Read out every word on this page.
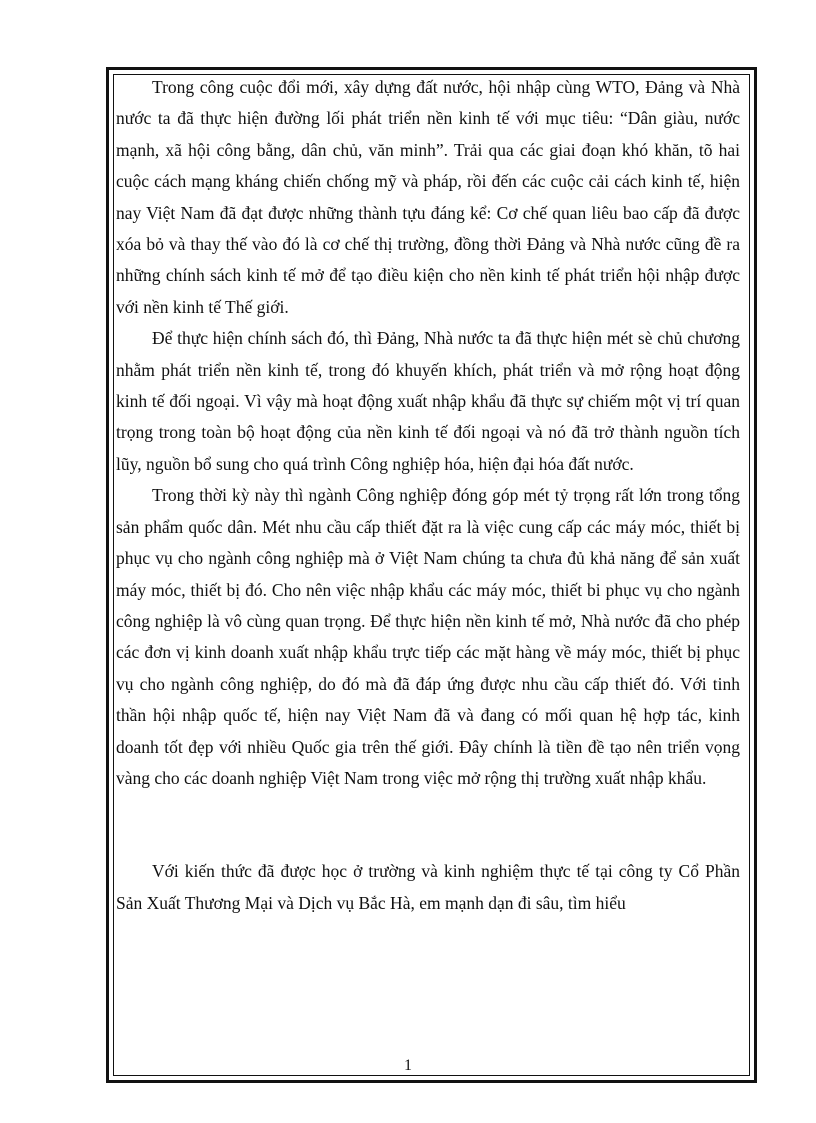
Trong công cuộc đổi mới, xây dựng đất nước, hội nhập cùng WTO, Đảng và Nhà nước ta đã thực hiện đường lối phát triển nền kinh tế với mục tiêu: “Dân giàu, nước mạnh, xã hội công bằng, dân chủ, văn minh”. Trải qua các giai đoạn khó khăn, tõ hai cuộc cách mạng kháng chiến chống mỹ và pháp, rồi đến các cuộc cải cách kinh tế, hiện nay Việt Nam đã đạt được những thành tựu đáng kể: Cơ chế quan liêu bao cấp đã được xóa bỏ và thay thế vào đó là cơ chế thị trường, đồng thời Đảng và Nhà nước cũng đề ra những chính sách kinh tế mở để tạo điều kiện cho nền kinh tế phát triển hội nhập được với nền kinh tế Thế giới.

Để thực hiện chính sách đó, thì Đảng, Nhà nước ta đã thực hiện mét sè chủ chương nhằm phát triển nền kinh tế, trong đó khuyến khích, phát triển và mở rộng hoạt động kinh tế đối ngoại. Vì vậy mà hoạt động xuất nhập khẩu đã thực sự chiếm một vị trí quan trọng trong toàn bộ hoạt động của nền kinh tế đối ngoại và nó đã trở thành nguồn tích lũy, nguồn bổ sung cho quá trình Công nghiệp hóa, hiện đại hóa đất nước.

Trong thời kỳ này thì ngành Công nghiệp đóng góp mét tỷ trọng rất lớn trong tổng sản phẩm quốc dân. Mét nhu cầu cấp thiết đặt ra là việc cung cấp các máy móc, thiết bị phục vụ cho ngành công nghiệp mà ở Việt Nam chúng ta chưa đủ khả năng để sản xuất máy móc, thiết bị đó. Cho nên việc nhập khẩu các máy móc, thiết bi phục vụ cho ngành công nghiệp là vô cùng quan trọng. Để thực hiện nền kinh tế mở, Nhà nước đã cho phép các đơn vị kinh doanh xuất nhập khẩu trực tiếp các mặt hàng về máy móc, thiết bị phục vụ cho ngành công nghiệp, do đó mà đã đáp ứng được nhu cầu cấp thiết đó. Với tinh thần hội nhập quốc tế, hiện nay Việt Nam đã và đang có mối quan hệ hợp tác, kinh doanh tốt đẹp với nhiều Quốc gia trên thế giới. Đây chính là tiền đề tạo nên triển vọng vàng cho các doanh nghiệp Việt Nam trong việc mở rộng thị trường xuất nhập khẩu.

Với kiến thức đã được học ở trường và kinh nghiệm thực tế tại công ty Cổ Phần Sản Xuất Thương Mại và Dịch vụ Bắc Hà, em mạnh dạn đi sâu, tìm hiểu

1
